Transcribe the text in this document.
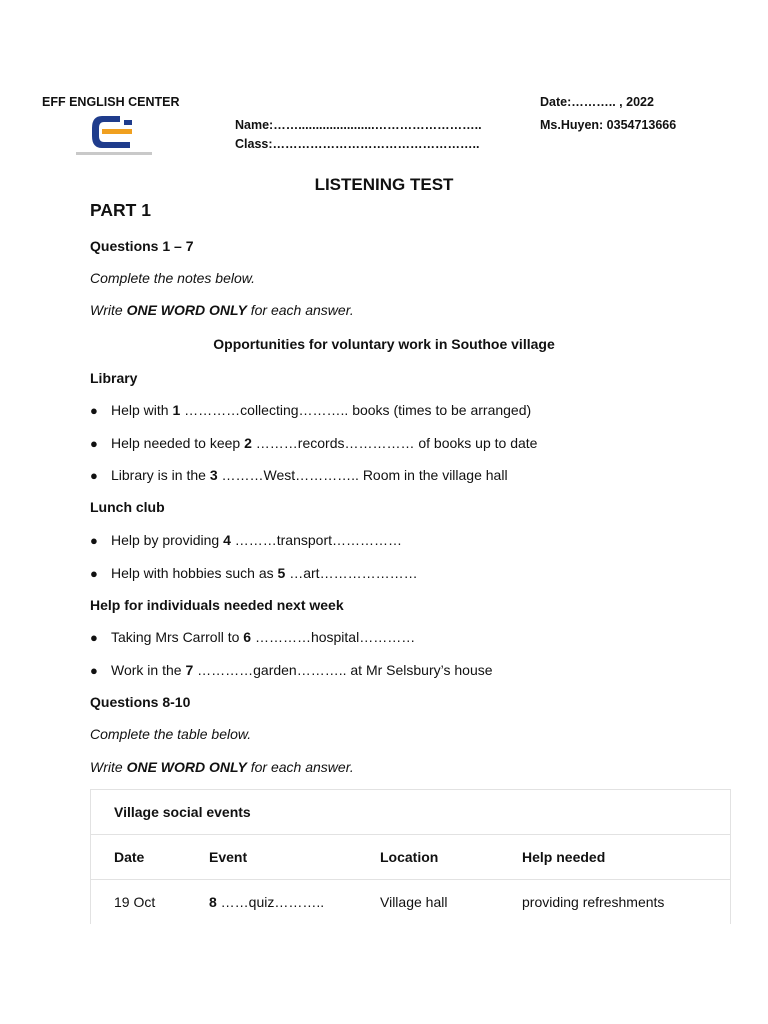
EFF ENGLISH CENTER
Name:……......................……………………..
Class:…………………………………………..
Date:……….. , 2022
Ms.Huyen: 0354713666
LISTENING TEST
PART 1
Questions 1 – 7
Complete the notes below.
Write ONE WORD ONLY for each answer.
Opportunities for voluntary work in Southoe village
Library
● Help with 1 …………collecting……….. books (times to be arranged)
● Help needed to keep 2 ………records…………… of books up to date
● Library is in the 3 ………West………….. Room in the village hall
Lunch club
● Help by providing 4 ………transport……………
● Help with hobbies such as 5 …art…………………
Help for individuals needed next week
● Taking Mrs Carroll to 6 …………hospital…………
● Work in the 7 …………garden……….. at Mr Selsbury’s house
Questions 8-10
Complete the table below.
Write ONE WORD ONLY for each answer.
Village social events			
Date	Event	Location	Help needed
19 Oct	8 ……quiz………..	Village hall	providing refreshments
